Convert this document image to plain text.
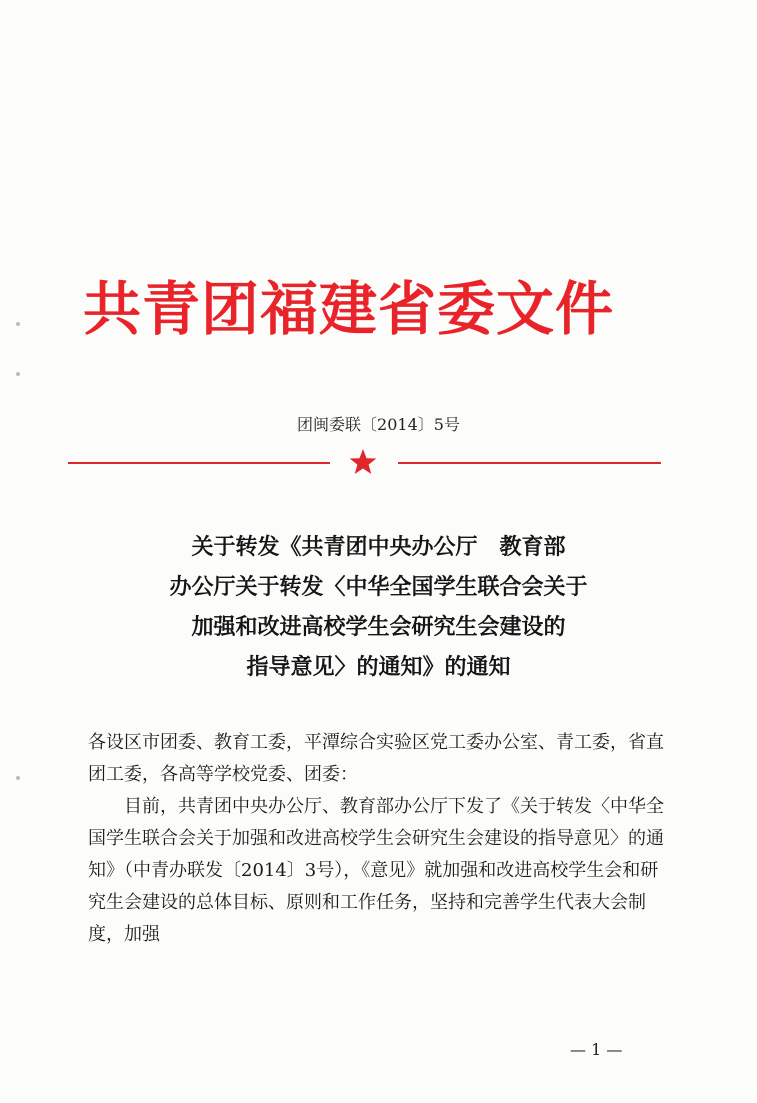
共青团福建省委文件
团闽委联〔2014〕5号
关于转发《共青团中央办公厅　教育部
办公厅关于转发〈中华全国学生联合会关于
加强和改进高校学生会研究生会建设的
指导意见〉的通知》的通知

各设区市团委、教育工委，平潭综合实验区党工委办公室、青工委，省直团工委，各高等学校党委、团委：

目前，共青团中央办公厅、教育部办公厅下发了《关于转发〈中华全国学生联合会关于加强和改进高校学生会研究生会建设的指导意见〉的通知》（中青办联发〔2014〕3号），《意见》就加强和改进高校学生会和研究生会建设的总体目标、原则和工作任务，坚持和完善学生代表大会制度，加强

— 1 —
